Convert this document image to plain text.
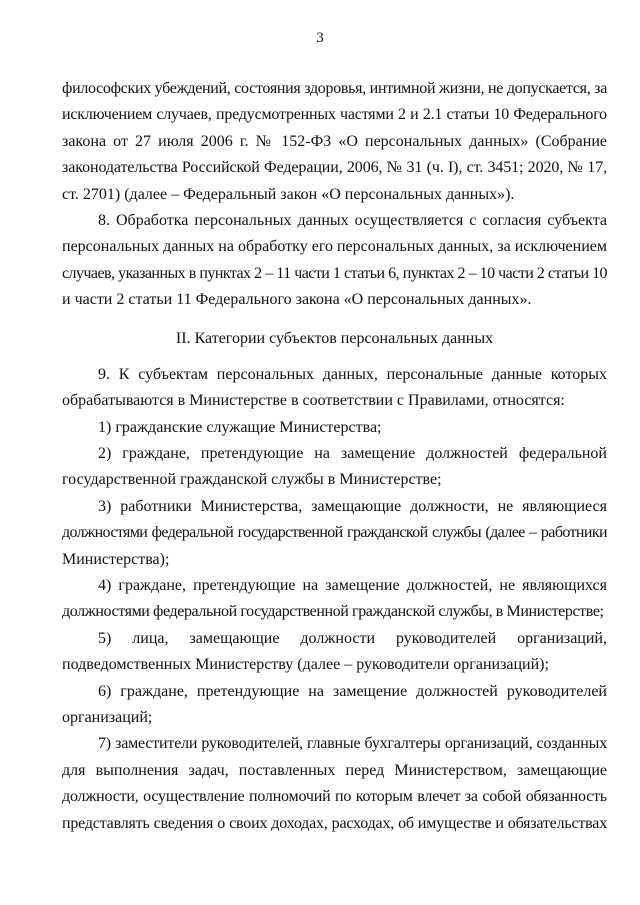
3

философских убеждений, состояния здоровья, интимной жизни, не допускается, за

исключением случаев, предусмотренных частями 2 и 2.1 статьи 10 Федерального

закона от 27 июля 2006 г. № 152-ФЗ «О персональных данных» (Собрание

законодательства Российской Федерации, 2006, № 31 (ч. I), ст. 3451; 2020, № 17,

ст. 2701) (далее – Федеральный закон «О персональных данных»).

8. Обработка персональных данных осуществляется с согласия субъекта

персональных данных на обработку его персональных данных, за исключением

случаев, указанных в пунктах 2 – 11 части 1 статьи 6, пунктах 2 – 10 части 2 статьи 10

и части 2 статьи 11 Федерального закона «О персональных данных».

II. Категории субъектов персональных данных

9. К субъектам персональных данных, персональные данные которых

обрабатываются в Министерстве в соответствии с Правилами, относятся:

1) гражданские служащие Министерства;

2) граждане, претендующие на замещение должностей федеральной

государственной гражданской службы в Министерстве;

3) работники Министерства, замещающие должности, не являющиеся

должностями федеральной государственной гражданской службы (далее – работники

Министерства);

4) граждане, претендующие на замещение должностей, не являющихся

должностями федеральной государственной гражданской службы, в Министерстве;

5) лица, замещающие должности руководителей организаций,

подведомственных Министерству (далее – руководители организаций);

6) граждане, претендующие на замещение должностей руководителей

организаций;

7) заместители руководителей, главные бухгалтеры организаций, созданных

для выполнения задач, поставленных перед Министерством, замещающие

должности, осуществление полномочий по которым влечет за собой обязанность

представлять сведения о своих доходах, расходах, об имуществе и обязательствах
